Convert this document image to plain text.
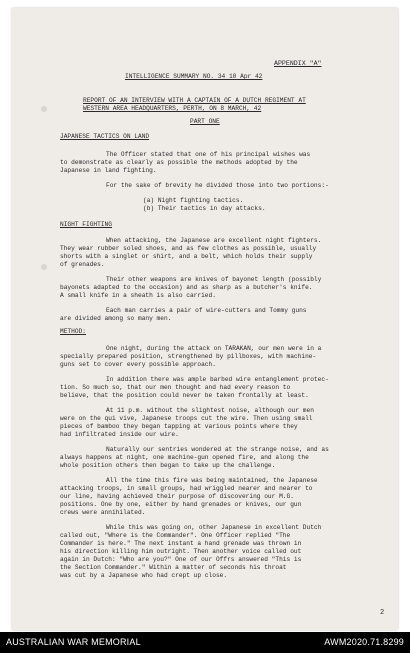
APPENDIX "A"
INTELLIGENCE SUMMARY NO. 34 10 Apr 42
REPORT OF AN INTERVIEW WITH A CAPTAIN OF A DUTCH REGIMENT AT
WESTERN AREA HEADQUARTERS, PERTH, ON 8 MARCH, 42
PART ONE
JAPANESE TACTICS ON LAND
The Officer stated that one of his principal wishes was
to demonstrate as clearly as possible the methods adopted by the
Japanese in land fighting.
For the sake of brevity he divided those into two portions:-
(a) Night fighting tactics.
(b) Their tactics in day attacks.
NIGHT FIGHTING
When attacking, the Japanese are excellent night fighters.
They wear rubber soled shoes, and as few clothes as possible, usually
shorts with a singlet or shirt, and a belt, which holds their supply
of grenades.
Their other weapons are knives of bayonet length (possibly
bayonets adapted to the occasion) and as sharp as a butcher's knife.
A small knife in a sheath is also carried.
Each man carries a pair of wire-cutters and Tommy guns
are divided among so many men.
METHOD:
One night, during the attack on TARAKAN, our men were in a
specially prepared position, strengthened by pillboxes, with machine-
guns set to cover every possible approach.
In addition there was ample barbed wire entanglement protec-
tion. So much so, that our men thought and had every reason to
believe, that the position could never be taken frontally at least.
At 11 p.m. without the slightest noise, although our men
were on the qui vive, Japanese troops cut the wire. Then using small
pieces of bamboo they began tapping at various points where they
had infiltrated inside our wire.
Naturally our sentries wondered at the strange noise, and as
always happens at night, one machine-gun opened fire, and along the
whole position others then began to take up the challenge.
All the time this fire was being maintained, the Japanese
attacking troops, in small groups, had wriggled nearer and nearer to
our line, having achieved their purpose of discovering our M.G.
positions. One by one, either by hand grenades or knives, our gun
crews were annihilated.
While this was going on, other Japanese in excellent Dutch
called out, "Where is the Commander". One Officer replied "The
Commander is here." The next instant a hand grenade was thrown in
his direction killing him outright. Then another voice called out
again in Dutch: "Who are you?" One of our Offrs answered "This is
the Section Commander." Within a matter of seconds his throat
was cut by a Japanese who had crept up close.
2
AUSTRALIAN WAR MEMORIAL	AWM2020.71.8299
